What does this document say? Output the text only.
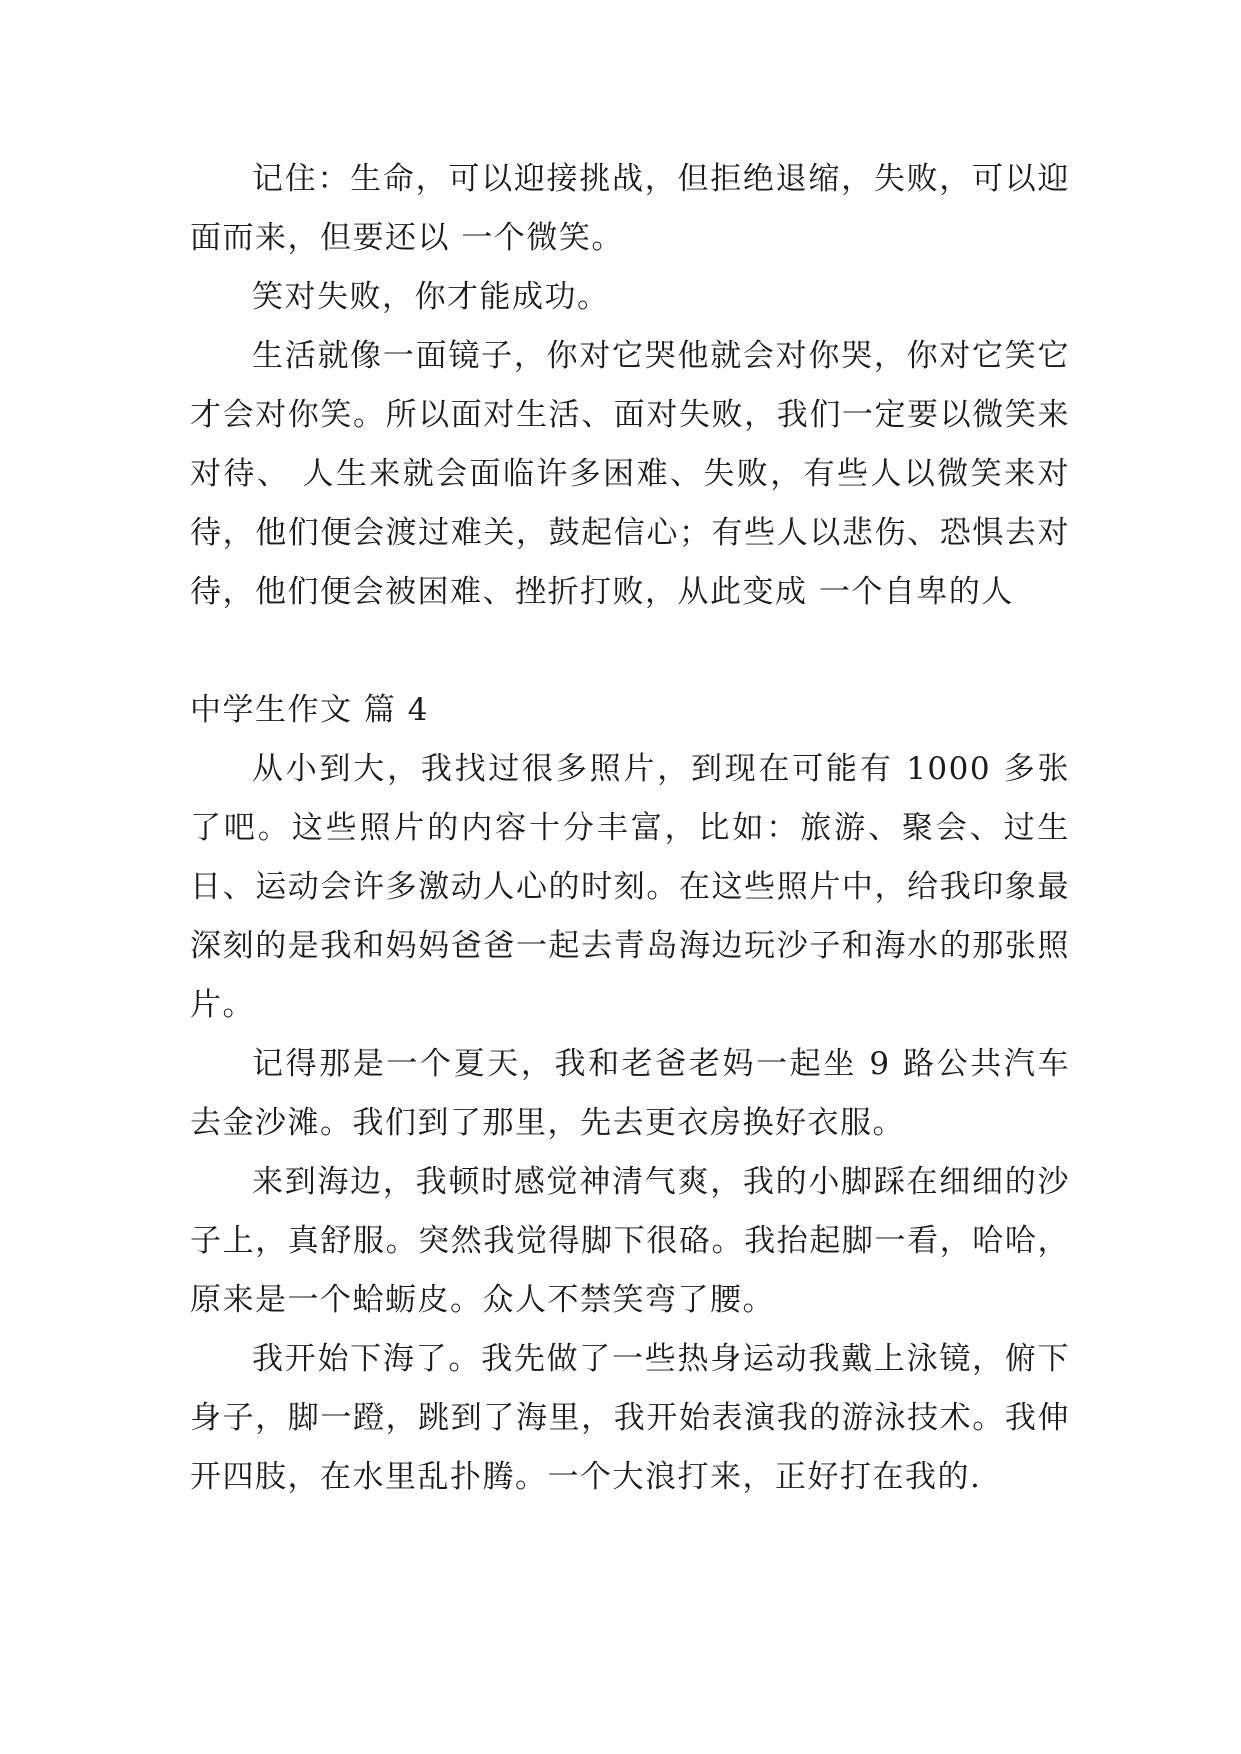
记住：生命，可以迎接挑战，但拒绝退缩，失败，可以迎面而来，但要还以 一个微笑。

笑对失败，你才能成功。

生活就像一面镜子，你对它哭他就会对你哭，你对它笑它才会对你笑。所以面对生活、面对失败，我们一定要以微笑来对待、 人生来就会面临许多困难、失败，有些人以微笑来对待，他们便会渡过难关，鼓起信心；有些人以悲伤、恐惧去对待，他们便会被困难、挫折打败，从此变成 一个自卑的人

中学生作文 篇 4

从小到大，我找过很多照片，到现在可能有 1000 多张了吧。这些照片的内容十分丰富，比如：旅游、聚会、过生日、运动会许多激动人心的时刻。在这些照片中，给我印象最深刻的是我和妈妈爸爸一起去青岛海边玩沙子和海水的那张照片。

记得那是一个夏天，我和老爸老妈一起坐 9 路公共汽车去金沙滩。我们到了那里，先去更衣房换好衣服。

来到海边，我顿时感觉神清气爽，我的小脚踩在细细的沙子上，真舒服。突然我觉得脚下很硌。我抬起脚一看，哈哈，原来是一个蛤蛎皮。众人不禁笑弯了腰。

我开始下海了。我先做了一些热身运动我戴上泳镜，俯下身子，脚一蹬，跳到了海里，我开始表演我的游泳技术。我伸开四肢，在水里乱扑腾。一个大浪打来，正好打在我的.
